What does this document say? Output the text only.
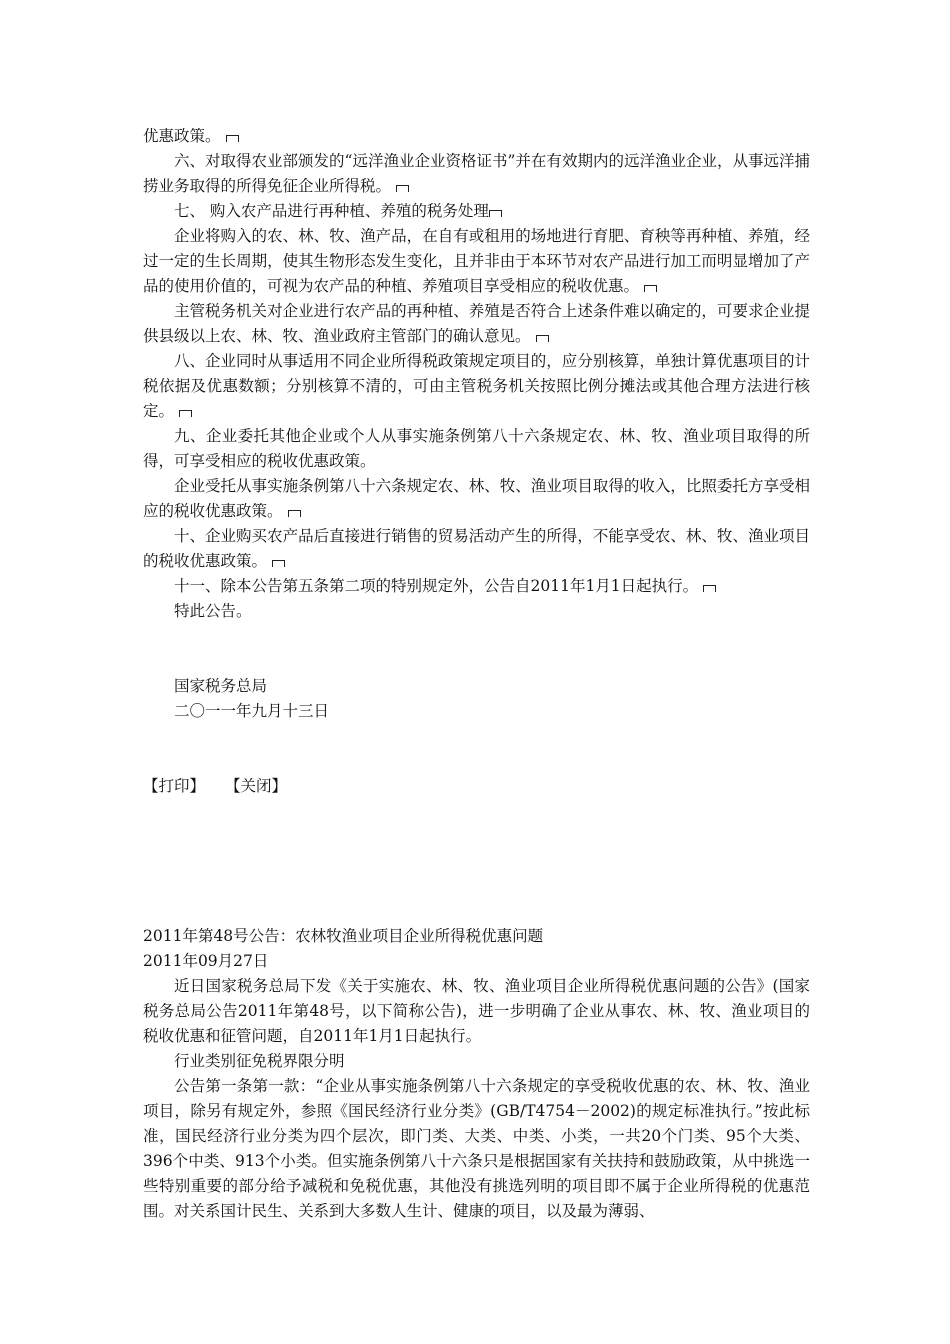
优惠政策。

六、对取得农业部颁发的“远洋渔业企业资格证书”并在有效期内的远洋渔业企业，从事远洋捕捞业务取得的所得免征企业所得税。

七、 购入农产品进行再种植、养殖的税务处理

企业将购入的农、林、牧、渔产品，在自有或租用的场地进行育肥、育秧等再种植、养殖，经过一定的生长周期，使其生物形态发生变化，且并非由于本环节对农产品进行加工而明显增加了产品的使用价值的，可视为农产品的种植、养殖项目享受相应的税收优惠。

主管税务机关对企业进行农产品的再种植、养殖是否符合上述条件难以确定的，可要求企业提供县级以上农、林、牧、渔业政府主管部门的确认意见。

八、企业同时从事适用不同企业所得税政策规定项目的，应分别核算，单独计算优惠项目的计税依据及优惠数额；分别核算不清的，可由主管税务机关按照比例分摊法或其他合理方法进行核定。

九、企业委托其他企业或个人从事实施条例第八十六条规定农、林、牧、渔业项目取得的所得，可享受相应的税收优惠政策。

企业受托从事实施条例第八十六条规定农、林、牧、渔业项目取得的收入，比照委托方享受相应的税收优惠政策。

十、企业购买农产品后直接进行销售的贸易活动产生的所得，不能享受农、林、牧、渔业项目的税收优惠政策。

十一、除本公告第五条第二项的特别规定外，公告自2011年1月1日起执行。

特此公告。

国家税务总局

二〇一一年九月十三日

【打印】 【关闭】

2011年第48号公告：农林牧渔业项目企业所得税优惠问题

2011年09月27日

近日国家税务总局下发《关于实施农、林、牧、渔业项目企业所得税优惠问题的公告》(国家税务总局公告2011年第48号，以下简称公告)，进一步明确了企业从事农、林、牧、渔业项目的税收优惠和征管问题，自2011年1月1日起执行。

行业类别征免税界限分明

公告第一条第一款：“企业从事实施条例第八十六条规定的享受税收优惠的农、林、牧、渔业项目，除另有规定外，参照《国民经济行业分类》(GB/T4754－2002)的规定标准执行。”按此标准，国民经济行业分类为四个层次，即门类、大类、中类、小类，一共20个门类、95个大类、396个中类、913个小类。但实施条例第八十六条只是根据国家有关扶持和鼓励政策，从中挑选一些特别重要的部分给予减税和免税优惠，其他没有挑选列明的项目即不属于企业所得税的优惠范围。对关系国计民生、关系到大多数人生计、健康的项目，以及最为薄弱、
